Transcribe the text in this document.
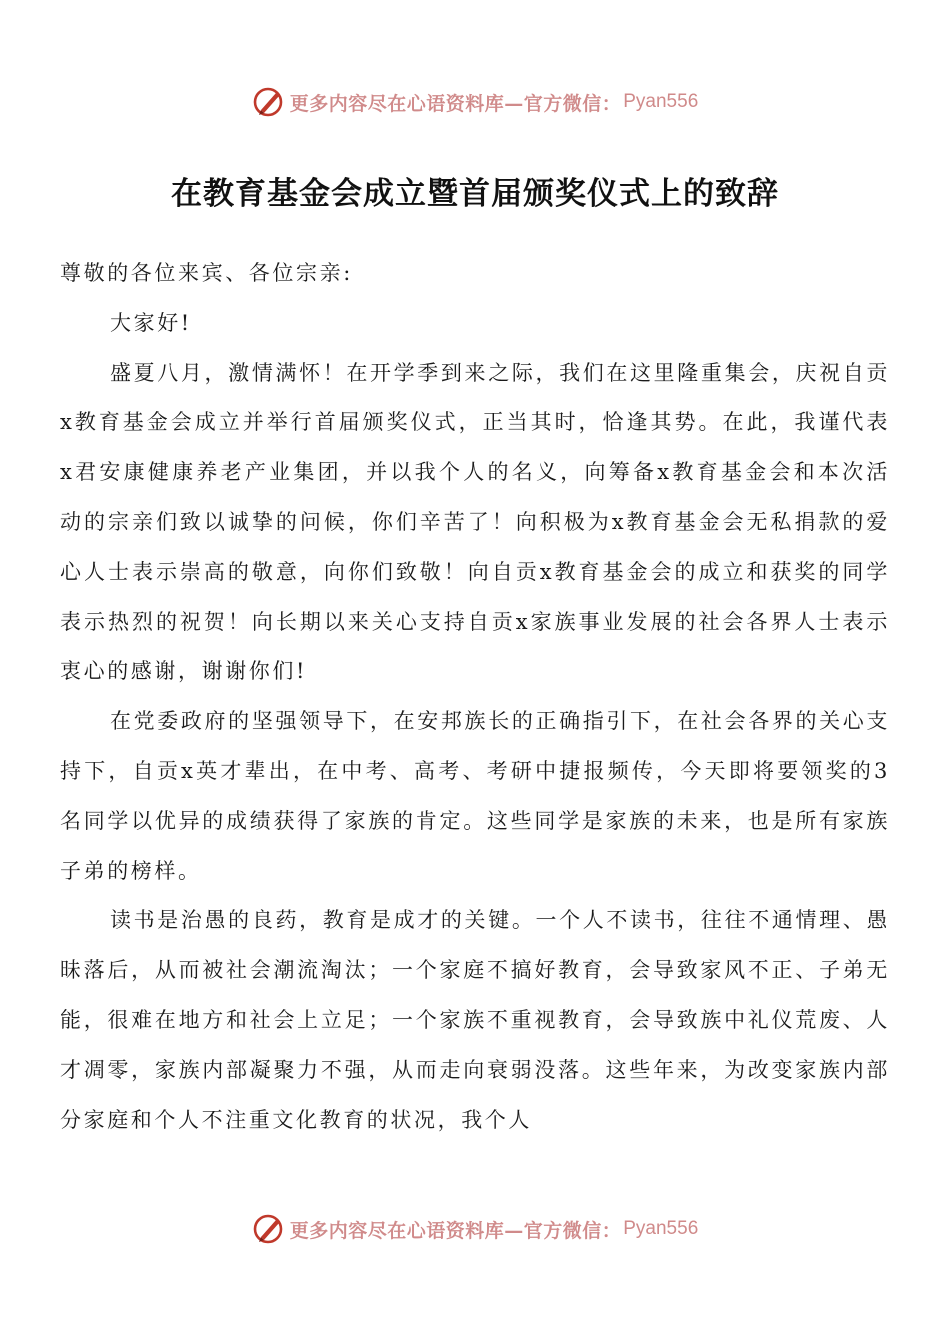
更多内容尽在心语资料库—官方微信： Pyan556
在教育基金会成立暨首届颁奖仪式上的致辞

尊敬的各位来宾、各位宗亲:

大家好!

盛夏八月，激情满怀！在开学季到来之际，我们在这里隆重集会，庆祝自贡x教育基金会成立并举行首届颁奖仪式，正当其时，恰逢其势。在此，我谨代表x君安康健康养老产业集团，并以我个人的名义，向筹备x教育基金会和本次活动的宗亲们致以诚挚的问候，你们辛苦了！向积极为x教育基金会无私捐款的爱心人士表示崇高的敬意，向你们致敬！向自贡x教育基金会的成立和获奖的同学表示热烈的祝贺！向长期以来关心支持自贡x家族事业发展的社会各界人士表示衷心的感谢，谢谢你们!

在党委政府的坚强领导下，在安邦族长的正确指引下，在社会各界的关心支持下，自贡x英才辈出，在中考、高考、考研中捷报频传，今天即将要领奖的3名同学以优异的成绩获得了家族的肯定。这些同学是家族的未来，也是所有家族子弟的榜样。

读书是治愚的良药，教育是成才的关键。一个人不读书，往往不通情理、愚昧落后，从而被社会潮流淘汰；一个家庭不搞好教育，会导致家风不正、子弟无能，很难在地方和社会上立足；一个家族不重视教育，会导致族中礼仪荒废、人才凋零，家族内部凝聚力不强，从而走向衰弱没落。这些年来，为改变家族内部分家庭和个人不注重文化教育的状况，我个人

更多内容尽在心语资料库—官方微信： Pyan556
